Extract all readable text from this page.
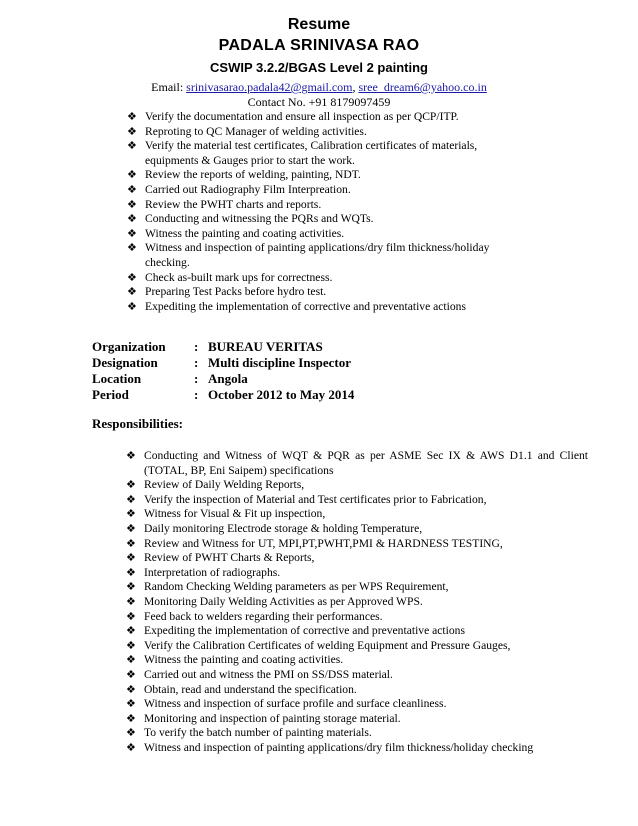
Resume
PADALA SRINIVASA RAO
CSWIP 3.2.2/BGAS Level 2 painting
Email: srinivasarao.padala42@gmail.com, sree_dream6@yahoo.co.in
Contact No. +91 8179097459
❖ Verify the documentation and ensure all inspection as per QCP/ITP.
❖ Reproting to QC Manager of welding activities.
❖ Verify the material test certificates, Calibration certificates of materials, equipments & Gauges prior to start the work.
❖ Review the reports of welding, painting, NDT.
❖ Carried out Radiography Film Interpreation.
❖ Review the PWHT charts and reports.
❖ Conducting and witnessing the PQRs and WQTs.
❖ Witness the painting and coating activities.
❖ Witness and inspection of painting applications/dry film thickness/holiday checking.
❖ Check as-built mark ups for correctness.
❖ Preparing Test Packs before hydro test.
❖ Expediting the implementation of corrective and preventative actions
Organization	: BUREAU VERITAS
Designation	: Multi discipline Inspector
Location	: Angola
Period	: October 2012 to May 2014
Responsibilities:
❖ Conducting and Witness of WQT & PQR as per ASME Sec IX & AWS D1.1 and Client (TOTAL, BP, Eni Saipem) specifications
❖ Review of Daily Welding Reports,
❖ Verify the inspection of Material and Test certificates prior to Fabrication,
❖ Witness for Visual & Fit up inspection,
❖ Daily monitoring Electrode storage & holding Temperature,
❖ Review and Witness for UT, MPI,PT,PWHT,PMI & HARDNESS TESTING,
❖ Review of PWHT Charts & Reports,
❖ Interpretation of radiographs.
❖ Random Checking Welding parameters as per WPS Requirement,
❖ Monitoring Daily Welding Activities as per Approved WPS.
❖ Feed back to welders regarding their performances.
❖ Expediting the implementation of corrective and preventative actions
❖ Verify the Calibration Certificates of welding Equipment and Pressure Gauges,
❖ Witness the painting and coating activities.
❖ Carried out and witness the PMI on SS/DSS material.
❖ Obtain, read and understand the specification.
❖ Witness and inspection of surface profile and surface cleanliness.
❖ Monitoring and inspection of painting storage material.
❖ To verify the batch number of painting materials.
❖ Witness and inspection of painting applications/dry film thickness/holiday checking
